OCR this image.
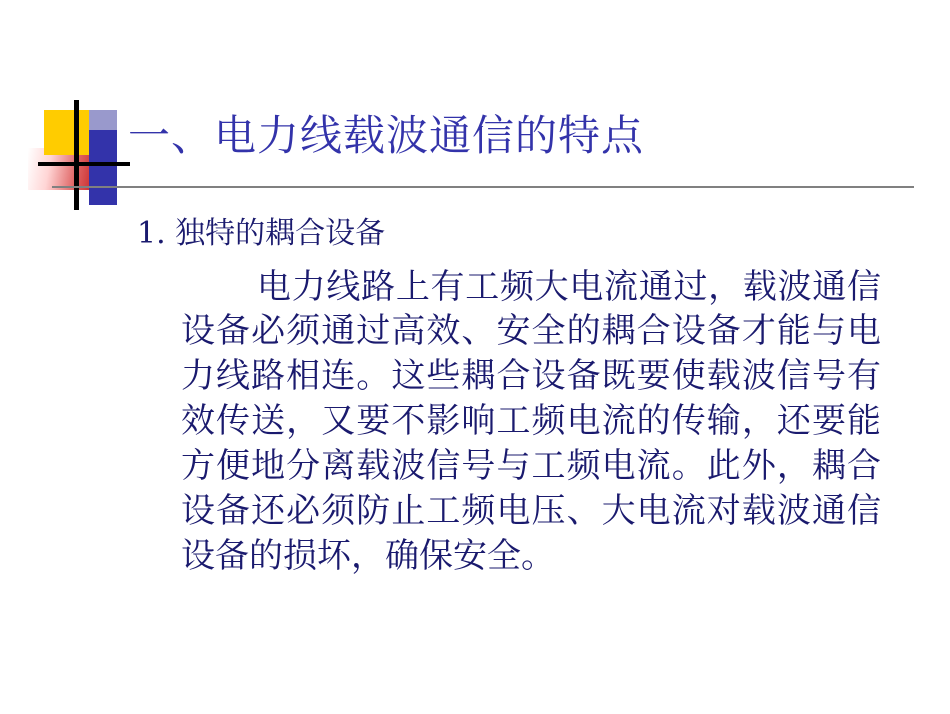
一、电力线载波通信的特点

1. 独特的耦合设备

电力线路上有工频大电流通过，载波通信设备必须通过高效、安全的耦合设备才能与电力线路相连。这些耦合设备既要使载波信号有效传送，又要不影响工频电流的传输，还要能方便地分离载波信号与工频电流。此外，耦合设备还必须防止工频电压、大电流对载波通信设备的损坏，确保安全。
